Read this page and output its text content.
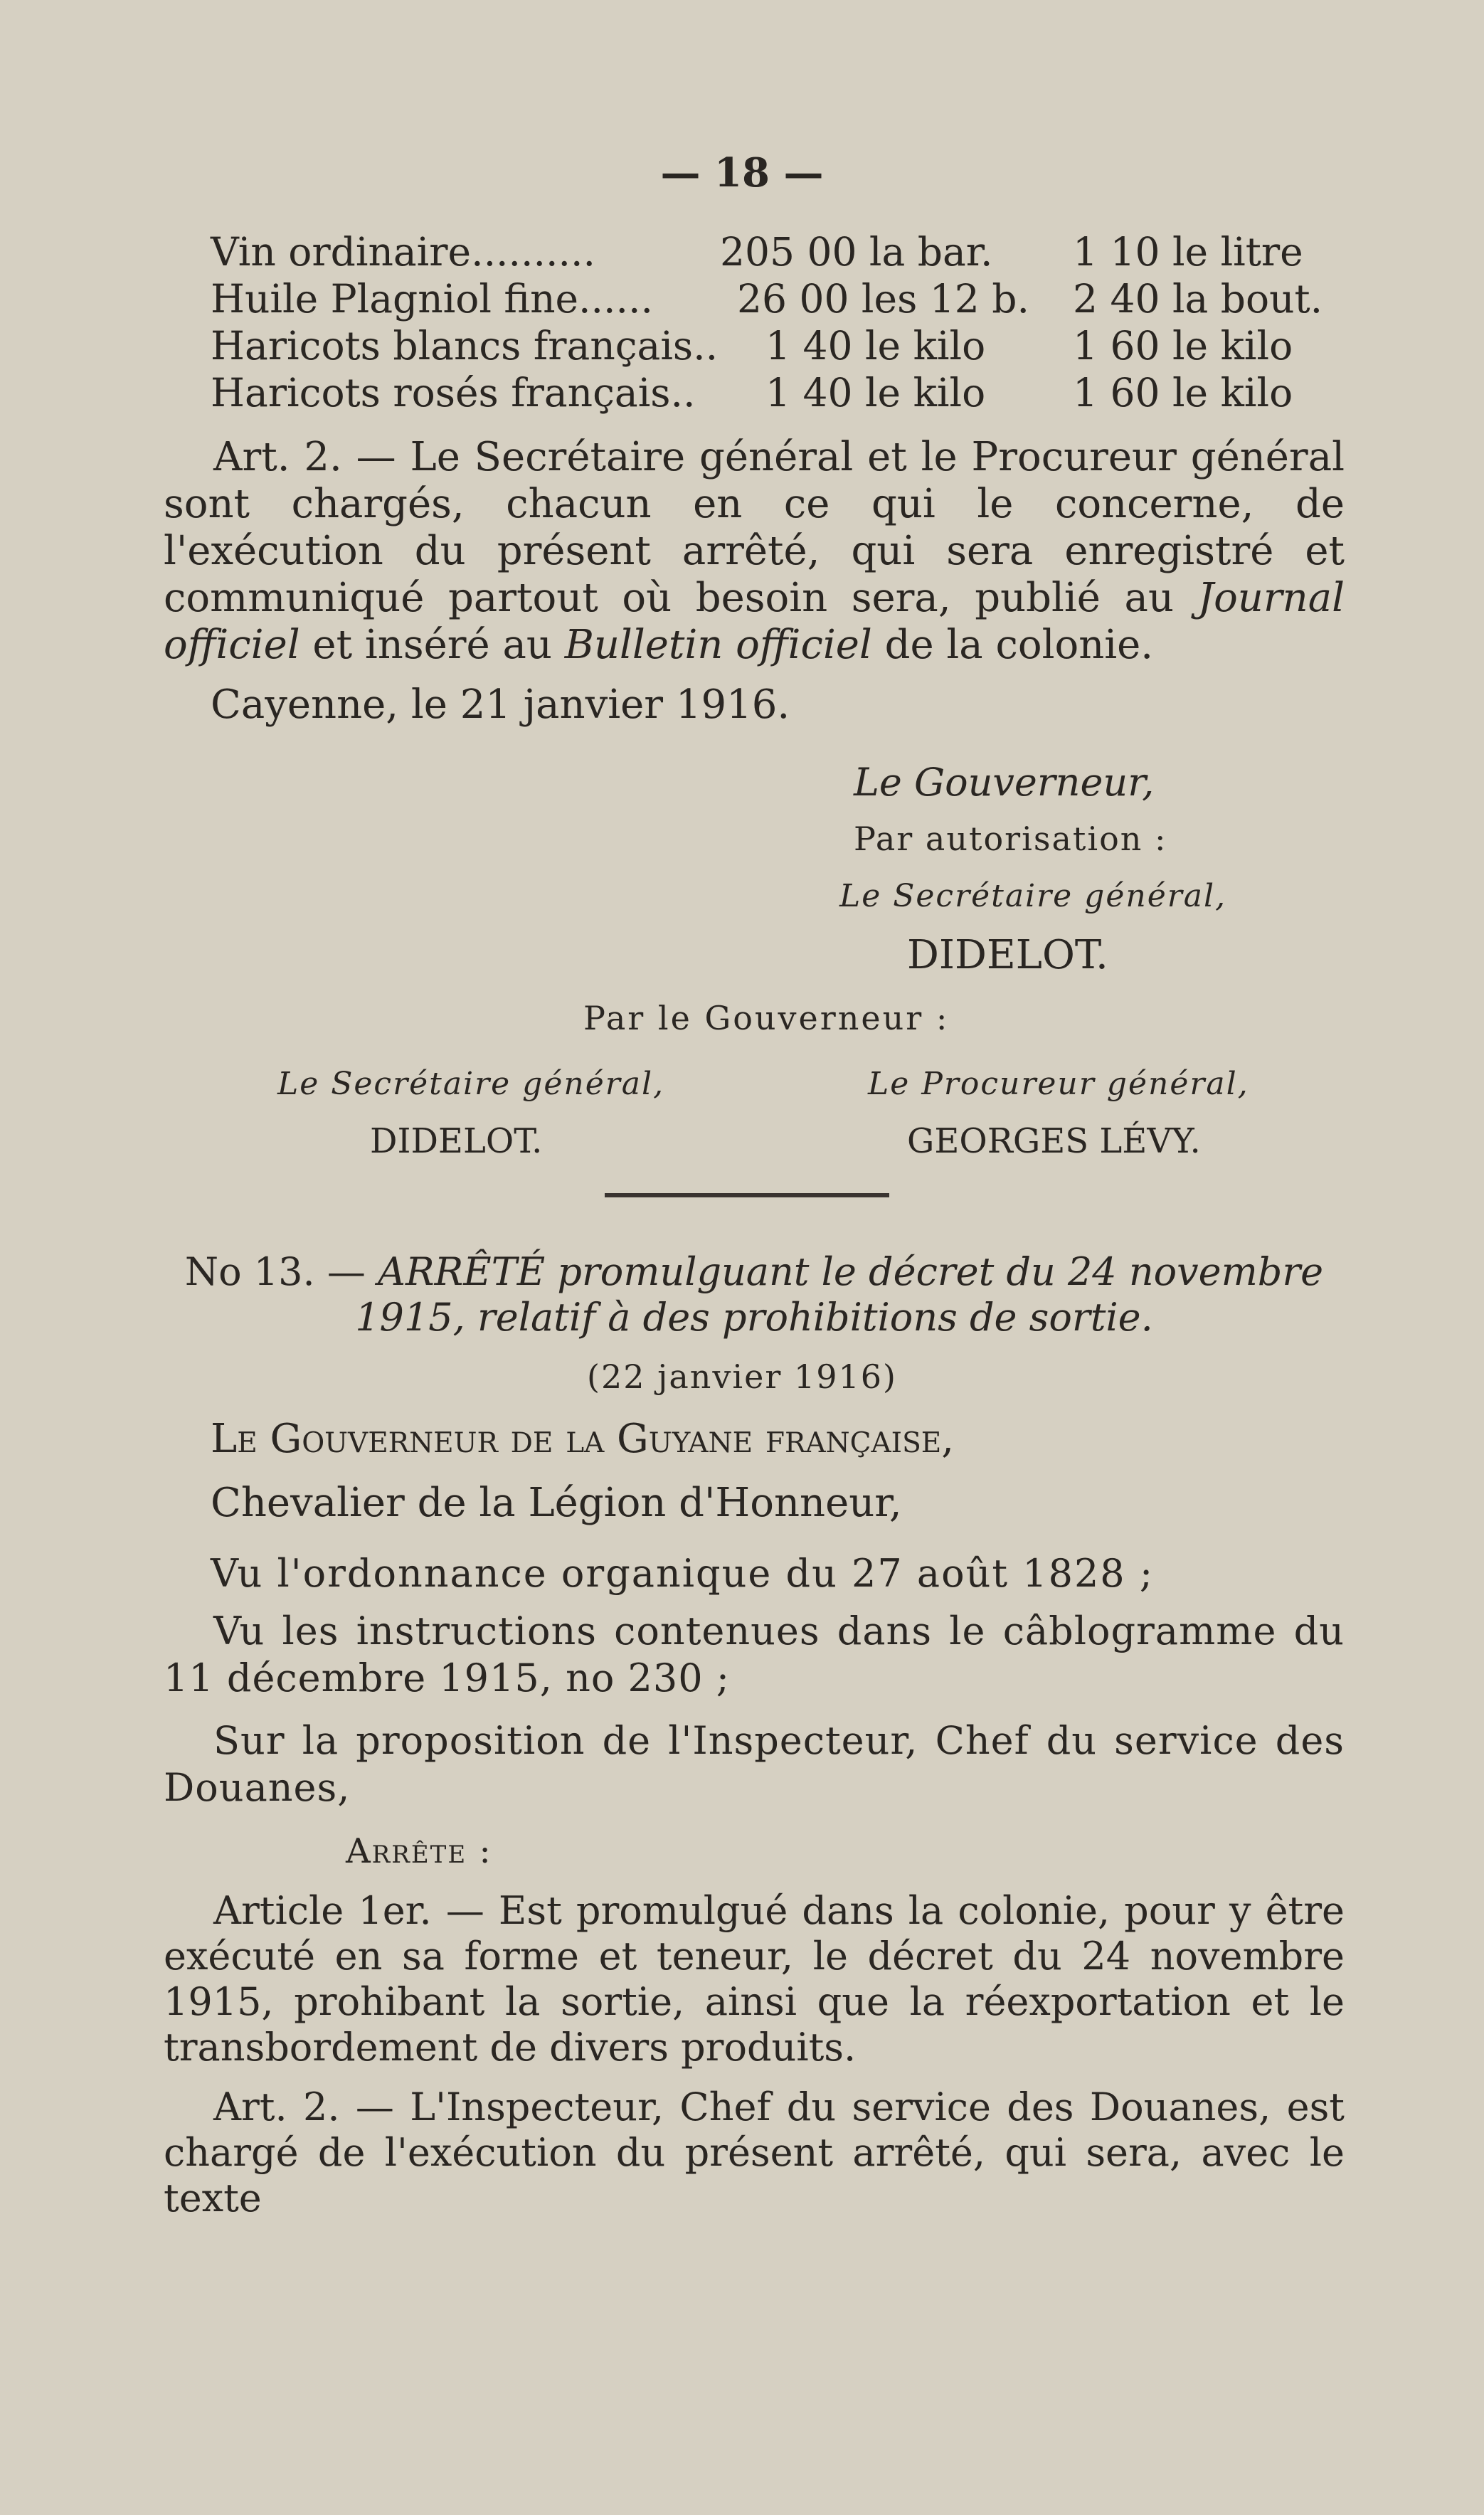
— 18 —
Vin ordinaire..........	205 00 la bar. 1 10 le litre
Huile Plagniol fine...... 26 00 les 12 b. 2 40 la bout.
Haricots blancs français.. 1 40 le kilo 1 60 le kilo
Haricots rosés français.. 1 40 le kilo 1 60 le kilo
Art. 2. — Le Secrétaire général et le Procureur général sont chargés, chacun en ce qui le concerne, de l'exécution du présent arrêté, qui sera enregistré et communiqué partout où besoin sera, publié au Journal officiel et inséré au Bulletin officiel de la colonie.
Cayenne, le 21 janvier 1916.
Le Gouverneur,
Par autorisation :
Le Secrétaire général,
DIDELOT.
Par le Gouverneur :
Le Secrétaire général,
DIDELOT.
Le Procureur général,
GEORGES LÉVY.
No 13. — ARRÊTÉ promulguant le décret du 24 novembre 1915, relatif à des prohibitions de sortie.
(22 janvier 1916)
Le Gouverneur de la Guyane française,
Chevalier de la Légion d'Honneur,
Vu l'ordonnance organique du 27 août 1828 ;
Vu les instructions contenues dans le câblogramme du 11 décembre 1915, no 230 ;
Sur la proposition de l'Inspecteur, Chef du service des Douanes,
Arrête :
Article 1er. — Est promulgué dans la colonie, pour y être exécuté en sa forme et teneur, le décret du 24 novembre 1915, prohibant la sortie, ainsi que la réexportation et le transbordement de divers produits.
Art. 2. — L'Inspecteur, Chef du service des Douanes, est chargé de l'exécution du présent arrêté, qui sera, avec le texte
